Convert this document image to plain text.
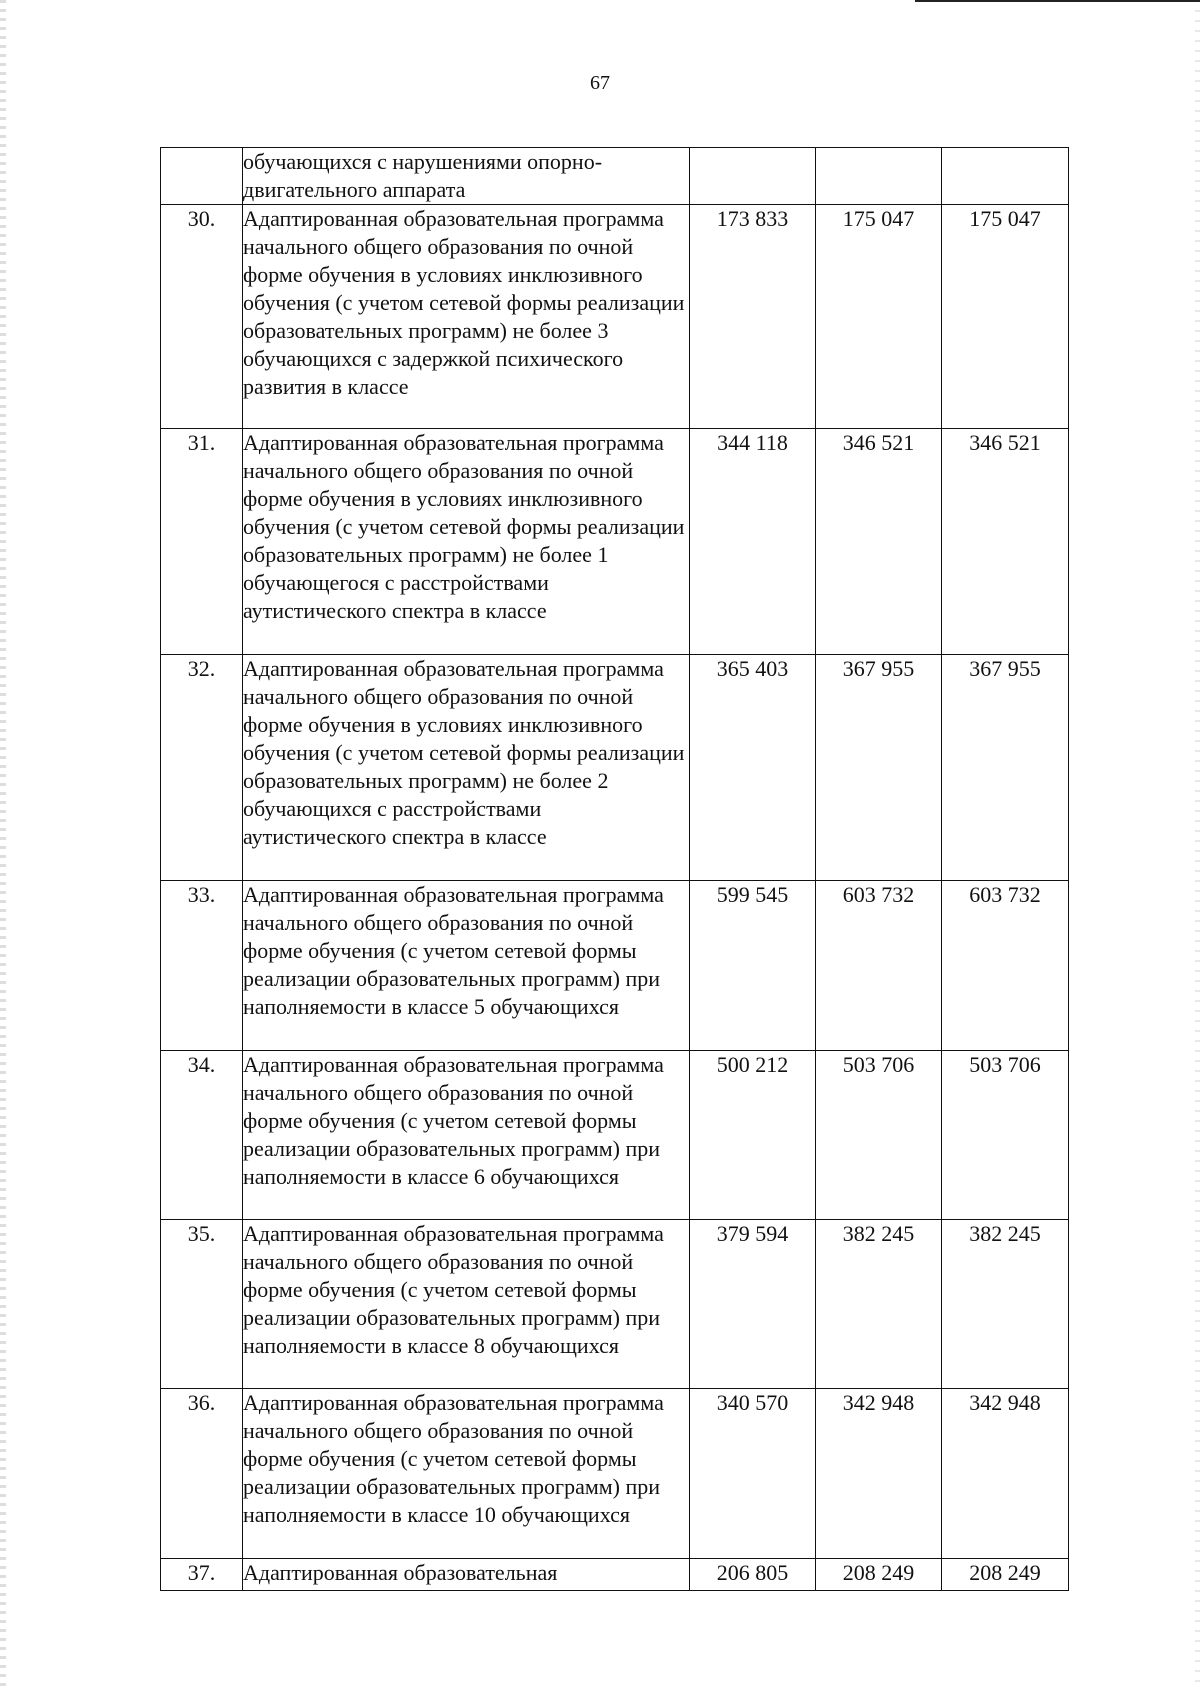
67
	обучающихся с нарушениями опорно-двигательного аппарата			
30.	Адаптированная образовательная программа начального общего образования по очной форме обучения в условиях инклюзивного обучения (с учетом сетевой формы реализации образовательных программ) не более 3 обучающихся с задержкой психического развития в классе	173 833	175 047	175 047
31.	Адаптированная образовательная программа начального общего образования по очной форме обучения в условиях инклюзивного обучения (с учетом сетевой формы реализации образовательных программ) не более 1 обучающегося с расстройствами аутистического спектра в классе	344 118	346 521	346 521
32.	Адаптированная образовательная программа начального общего образования по очной форме обучения в условиях инклюзивного обучения (с учетом сетевой формы реализации образовательных программ) не более 2 обучающихся с расстройствами аутистического спектра в классе	365 403	367 955	367 955
33.	Адаптированная образовательная программа начального общего образования по очной форме обучения (с учетом сетевой формы реализации образовательных программ) при наполняемости в классе 5 обучающихся	599 545	603 732	603 732
34.	Адаптированная образовательная программа начального общего образования по очной форме обучения (с учетом сетевой формы реализации образовательных программ) при наполняемости в классе 6 обучающихся	500 212	503 706	503 706
35.	Адаптированная образовательная программа начального общего образования по очной форме обучения (с учетом сетевой формы реализации образовательных программ) при наполняемости в классе 8 обучающихся	379 594	382 245	382 245
36.	Адаптированная образовательная программа начального общего образования по очной форме обучения (с учетом сетевой формы реализации образовательных программ) при наполняемости в классе 10 обучающихся	340 570	342 948	342 948
37.	Адаптированная образовательная	206 805	208 249	208 249
